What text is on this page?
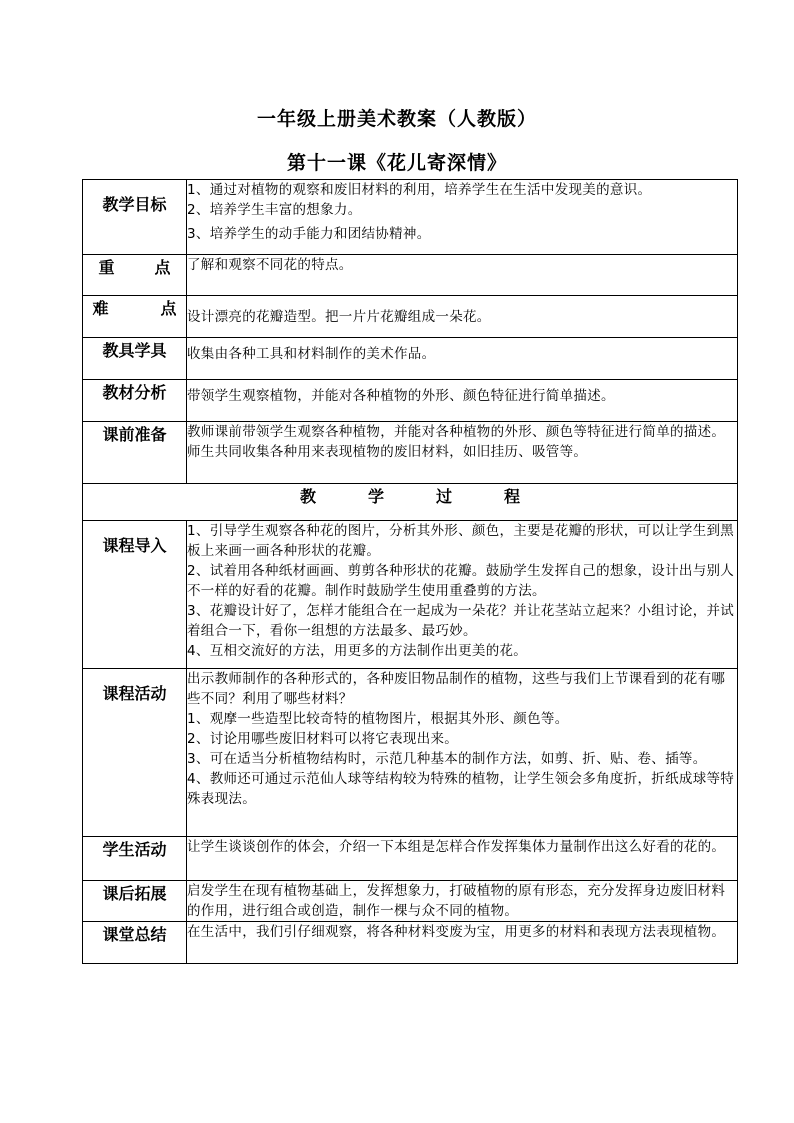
一年级上册美术教案（人教版）
第十一课《花儿寄深情》
教学目标	1、通过对植物的观察和废旧材料的利用，培养学生在生活中发现美的意识。

2、培养学生丰富的想象力。

3、培养学生的动手能力和团结协精神。

重 点	了解和观察不同花的特点。
难 点	设计漂亮的花瓣造型。把一片片花瓣组成一朵花。
教具学具	收集由各种工具和材料制作的美术作品。
教材分析	带领学生观察植物，并能对各种植物的外形、颜色特征进行简单描述。
课前准备	教师课前带领学生观察各种植物，并能对各种植物的外形、颜色等特征进行简单的描述。

师生共同收集各种用来表现植物的废旧材料，如旧挂历、吸管等。

教 学 过 程	
课程导入	1、引导学生观察各种花的图片，分析其外形、颜色，主要是花瓣的形状，可以让学生到黑板上来画一画各种形状的花瓣。

2、试着用各种纸材画画、剪剪各种形状的花瓣。鼓励学生发挥自己的想象，设计出与别人不一样的好看的花瓣。制作时鼓励学生使用重叠剪的方法。

3、花瓣设计好了，怎样才能组合在一起成为一朵花？并让花茎站立起来？小组讨论，并试着组合一下，看你一组想的方法最多、最巧妙。

4、互相交流好的方法，用更多的方法制作出更美的花。

课程活动	出示教师制作的各种形式的，各种废旧物品制作的植物，这些与我们上节课看到的花有哪些不同？利用了哪些材料？

1、观摩一些造型比较奇特的植物图片，根据其外形、颜色等。

2、讨论用哪些废旧材料可以将它表现出来。

3、可在适当分析植物结构时，示范几种基本的制作方法，如剪、折、贴、卷、插等。

4、教师还可通过示范仙人球等结构较为特殊的植物，让学生领会多角度折，折纸成球等特殊表现法。

学生活动	让学生谈谈创作的体会，介绍一下本组是怎样合作发挥集体力量制作出这么好看的花的。
课后拓展	启发学生在现有植物基础上，发挥想象力，打破植物的原有形态，充分发挥身边废旧材料的作用，进行组合或创造，制作一棵与众不同的植物。
课堂总结	在生活中，我们引仔细观察，将各种材料变废为宝，用更多的材料和表现方法表现植物。
